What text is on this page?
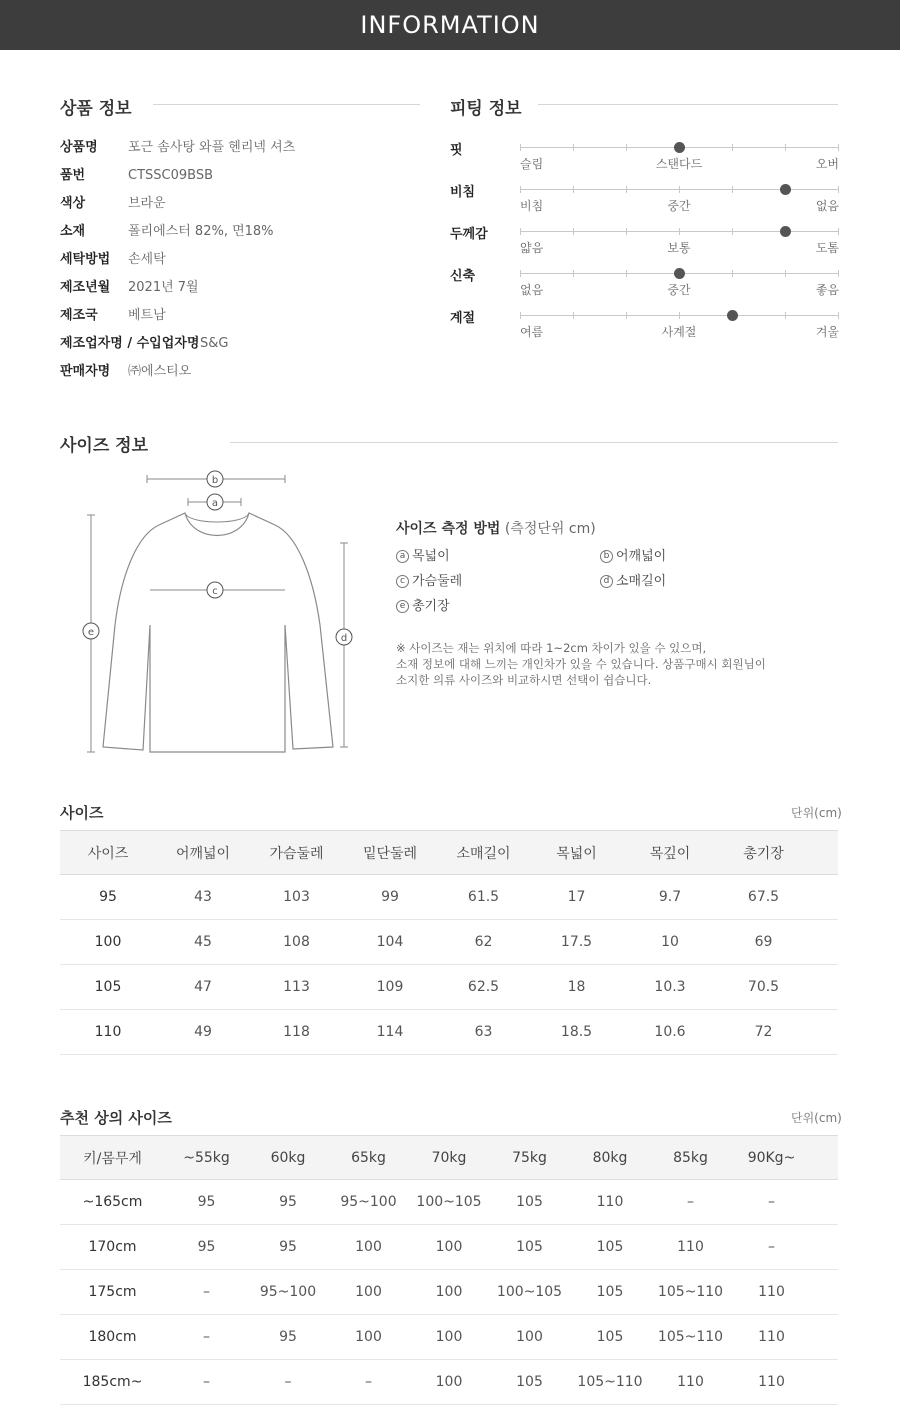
INFORMATION
상품 정보
상품명 포근 솜사탕 와플 헨리넥 셔츠
품번	CTSSC09BSB
색상	브라운
소재	폴리에스터 82%, 면18%
세탁방법 손세탁
제조년월 2021년 7월
제조국 베트남
제조업자명 / 수입업자명 S&G
판매자명 ㈜에스티오
피팅 정보
핏
슬림	스탠다드	오버
비침
비침	중간	없음
두께감
얇음	보통	도톰
신축
없음	중간	좋음
계절
여름	사계절	겨울
사이즈 정보
b
a
c
e
d
사이즈 측정 방법 (측정단위 cm)
a 목넓이	b 어깨넓이
c 가슴둘레	d 소매길이
e 총기장
※ 사이즈는 재는 위치에 따라 1~2cm 차이가 있을 수 있으며,
소재 정보에 대해 느끼는 개인차가 있을 수 있습니다. 상품구매시 회원님이
소지한 의류 사이즈와 비교하시면 선택이 쉽습니다.
사이즈	단위(cm)
사이즈	어깨넓이	가슴둘레	밑단둘레	소매길이	목넓이	목깊이	총기장	
95	43	103	99	61.5	17	9.7	67.5	
100	45	108	104	62	17.5	10	69	
105	47	113	109	62.5	18	10.3	70.5	
110	49	118	114	63	18.5	10.6	72	
추천 상의 사이즈	단위(cm)
키/몸무게	~55kg	60kg	65kg	70kg	75kg	80kg	85kg	90Kg~	
~165cm	95	95	95~100	100~105	105	110	–	–	
170cm	95	95	100	100	105	105	110	–	
175cm	–	95~100	100	100	100~105	105	105~110	110	
180cm	–	95	100	100	100	105	105~110	110	
185cm~	–	–	–	100	105	105~110	110	110	
